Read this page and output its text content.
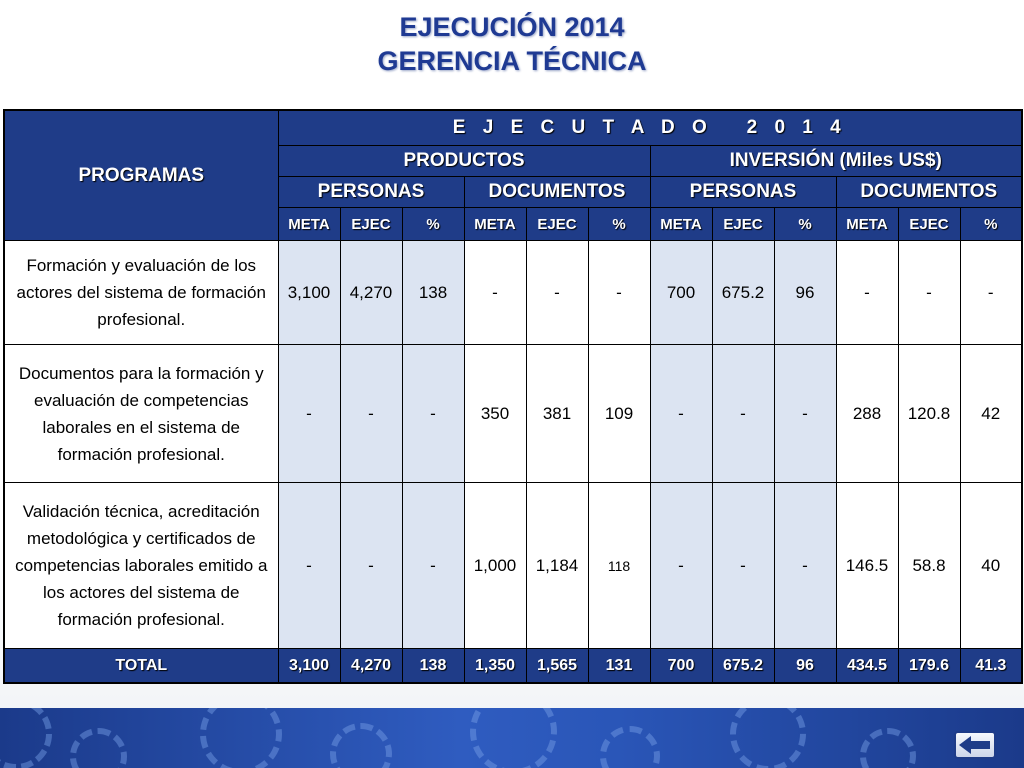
EJECUCIÓN 2014
GERENCIA TÉCNICA
PROGRAMAS	E J E C U T A D O   2 0 1 4											
	PRODUCTOS						INVERSIÓN (Miles US$)					
	PERSONAS			DOCUMENTOS			PERSONAS			DOCUMENTOS		
	META	EJEC	%	META	EJEC	%	META	EJEC	%	META	EJEC	%
Formación y evaluación de los actores del sistema de formación profesional.	3,100	4,270	138	-	-	-	700	675.2	96	-	-	-
Documentos para la formación y evaluación de competencias laborales en el sistema de formación profesional.	-	-	-	350	381	109	-	-	-	288	120.8	42
Validación técnica, acreditación metodológica y certificados de competencias laborales emitido a los actores del sistema de formación profesional.	-	-	-	1,000	1,184	118	-	-	-	146.5	58.8	40
TOTAL	3,100	4,270	138	1,350	1,565	131	700	675.2	96	434.5	179.6	41.3
